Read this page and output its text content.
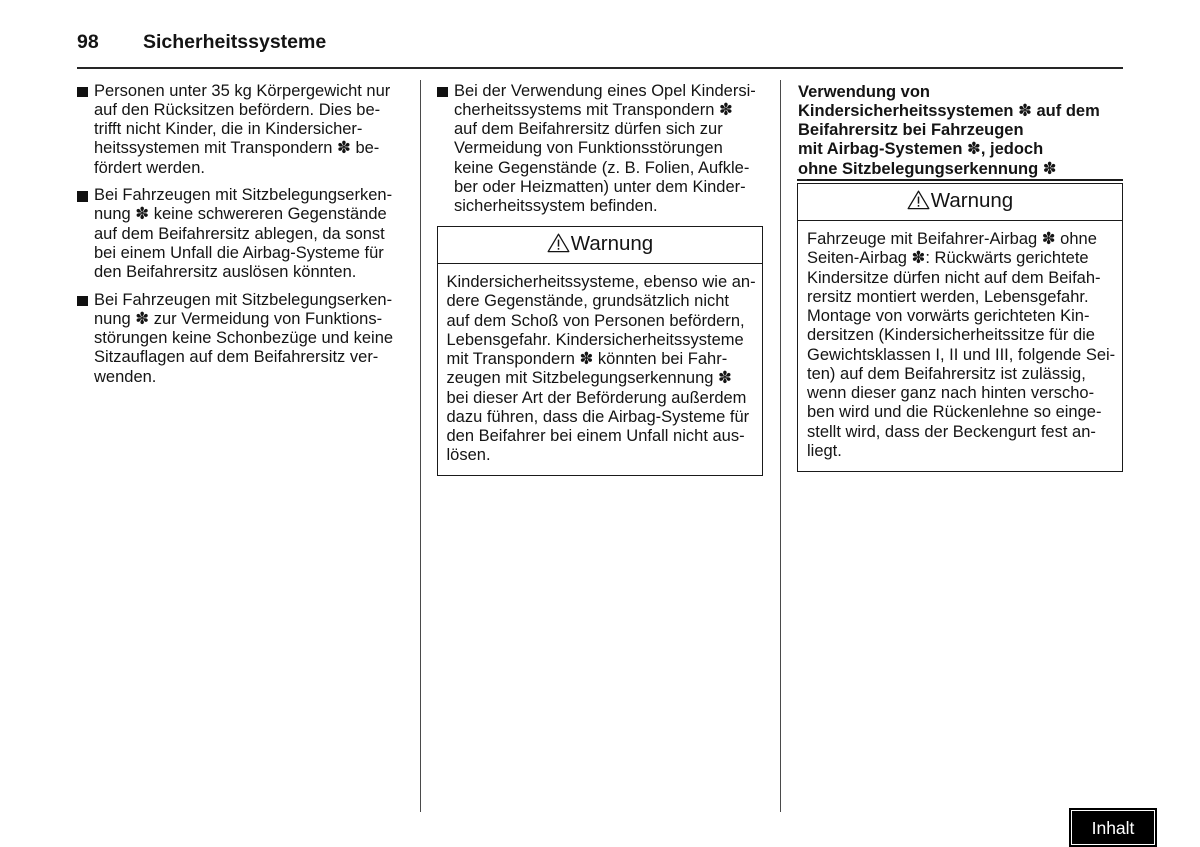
98 Sicherheitssysteme

Personen unter 35 kg Körpergewicht nur
auf den Rücksitzen befördern. Dies be-
trifft nicht Kinder, die in Kindersicher-
heitssystemen mit Transpondern ✽ be-
fördert werden.

Bei Fahrzeugen mit Sitzbelegungserken-
nung ✽ keine schwereren Gegenstände
auf dem Beifahrersitz ablegen, da sonst
bei einem Unfall die Airbag-Systeme für
den Beifahrersitz auslösen könnten.

Bei Fahrzeugen mit Sitzbelegungserken-
nung ✽ zur Vermeidung von Funktions-
störungen keine Schonbezüge und keine
Sitzauflagen auf dem Beifahrersitz ver-
wenden.

Bei der Verwendung eines Opel Kindersi-
cherheitssystems mit Transpondern ✽
auf dem Beifahrersitz dürfen sich zur
Vermeidung von Funktionsstörungen
keine Gegenstände (z. B. Folien, Aufkle-
ber oder Heizmatten) unter dem Kinder-
sicherheitssystem befinden.

Warnung

Kindersicherheitssysteme, ebenso wie an-
dere Gegenstände, grundsätzlich nicht
auf dem Schoß von Personen befördern,
Lebensgefahr. Kindersicherheitssysteme
mit Transpondern ✽ könnten bei Fahr-
zeugen mit Sitzbelegungserkennung ✽
bei dieser Art der Beförderung außerdem
dazu führen, dass die Airbag-Systeme für
den Beifahrer bei einem Unfall nicht aus-
lösen.

Verwendung von
Kindersicherheitssystemen ✽ auf dem
Beifahrersitz bei Fahrzeugen
mit Airbag-Systemen ✽, jedoch
ohne Sitzbelegungserkennung ✽
Warnung

Fahrzeuge mit Beifahrer-Airbag ✽ ohne
Seiten-Airbag ✽: Rückwärts gerichtete
Kindersitze dürfen nicht auf dem Beifah-
rersitz montiert werden, Lebensgefahr.
Montage von vorwärts gerichteten Kin-
dersitzen (Kindersicherheitssitze für die
Gewichtsklassen I, II und III, folgende Sei-
ten) auf dem Beifahrersitz ist zulässig,
wenn dieser ganz nach hinten verscho-
ben wird und die Rückenlehne so einge-
stellt wird, dass der Beckengurt fest an-
liegt.

Inhalt
